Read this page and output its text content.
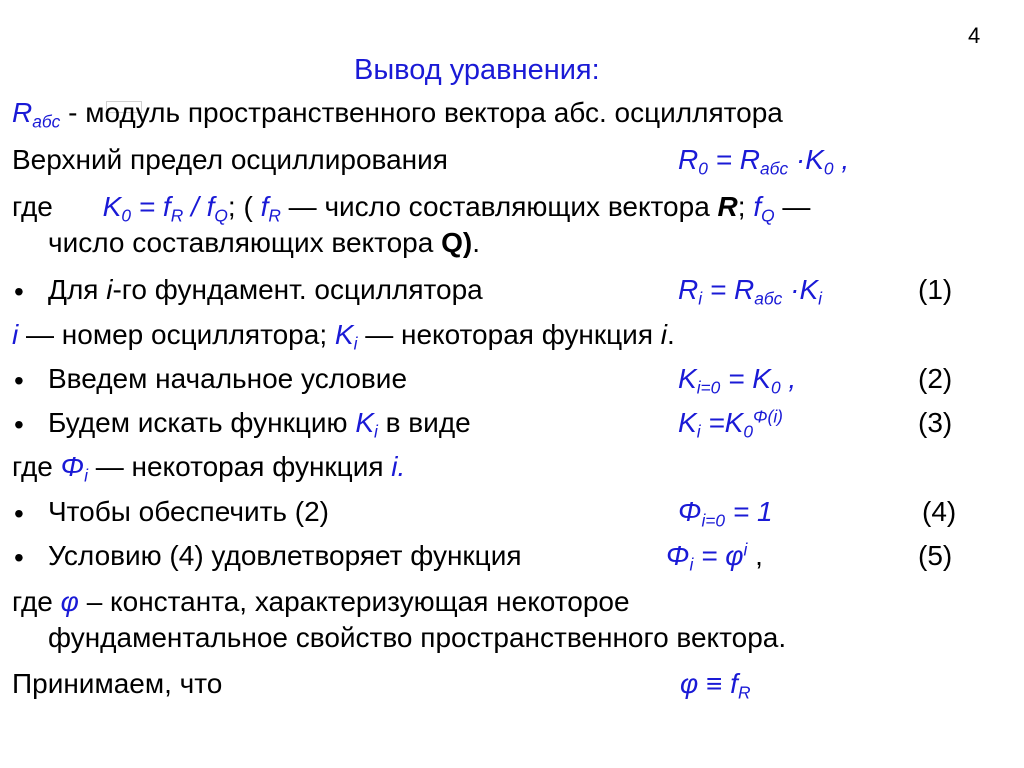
4
Вывод уравнения:
$R_{абс}$ - модуль пространственного вектора абс. осциллятора
Верхний предел осциллирования	$R_0 = R_{абс} \cdot K_0$ ,
где $K_0 = f_R / f_Q$; ( $f_R$ — число составляющих вектора R; $f_Q$ —
число составляющих вектора Q).
• Для i-го фундамент. осциллятора	$R_i = R_{абс} \cdot K_i$	(1)
i — номер осциллятора; $K_i$ — некоторая функция i.
• Введем начальное условие	$K_{i=0} = K_0$ ,	(2)
• Будем искать функцию $K_i$ в виде	$K_i =K_0^{\Phi(i)}$	(3)
где $\Phi_i$ — некоторая функция i.
• Чтобы обеспечить (2)	$\Phi_{i=0} = 1$	(4)
• Условию (4) удовлетворяет функция	$\Phi_i = \varphi^i$ ,	(5)
где φ – константа, характеризующая некоторое
фундаментальное свойство пространственного вектора.
Принимаем, что	$\varphi \equiv f_R$
